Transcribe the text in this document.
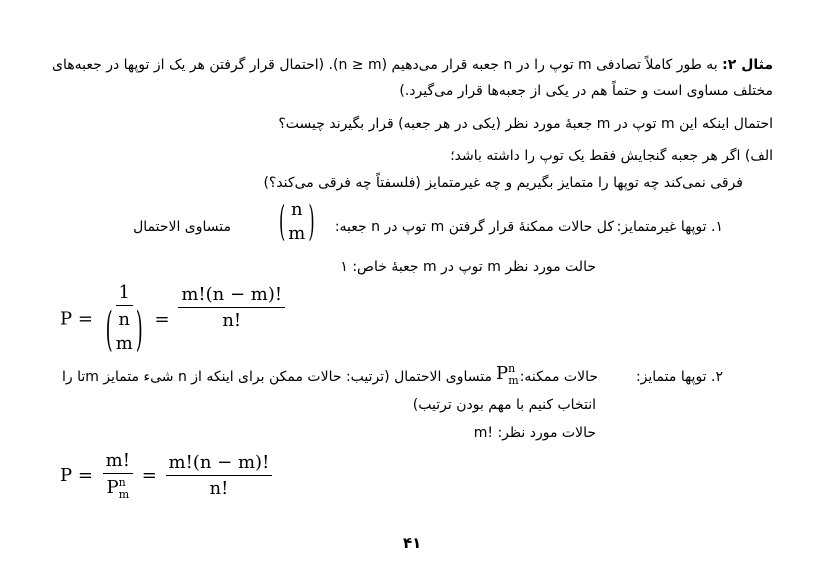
مثال ۲: به طور کاملاً تصادفی m توپ را در n جعبه قرار می‌دهیم (n ≥ m). (احتمال قرار گرفتن هر یک از توپها در جعبه‌های
مختلف مساوی است و حتماً هم در یکی از جعبه‌ها قرار می‌گیرد.)
احتمال اینکه این m توپ در m جعبهٔ مورد نظر (یکی در هر جعبه) قرار بگیرند چیست؟
الف) اگر هر جعبه گنجایش فقط یک توپ را داشته باشد؛
فرقی نمی‌کند چه توپها را متمایز بگیریم و چه غیرمتمایز (فلسفتاً چه فرقی می‌کند؟)
۱. توپها غیرمتمایز:
کل حالات ممکنهٔ قرار گرفتن m توپ در n جعبه:
( n
m )
متساوی الاحتمال
حالت مورد نظر m توپ در m جعبهٔ خاص: ۱
P =
1
( n
m ) = $\frac{m!(n - m)!}{n!}$
۲. توپها متمایز:
حالات ممکنه:
$P^n_m$
متساوی الاحتمال (ترتیب: حالات ممکن برای اینکه از n شیء متمایز mتا را
انتخاب کنیم با مهم بودن ترتیب)
حالات مورد نظر: !m
$P = \frac{m!}{P^n_m} = \frac{m!(n - m)!}{n!}$
۴۱
